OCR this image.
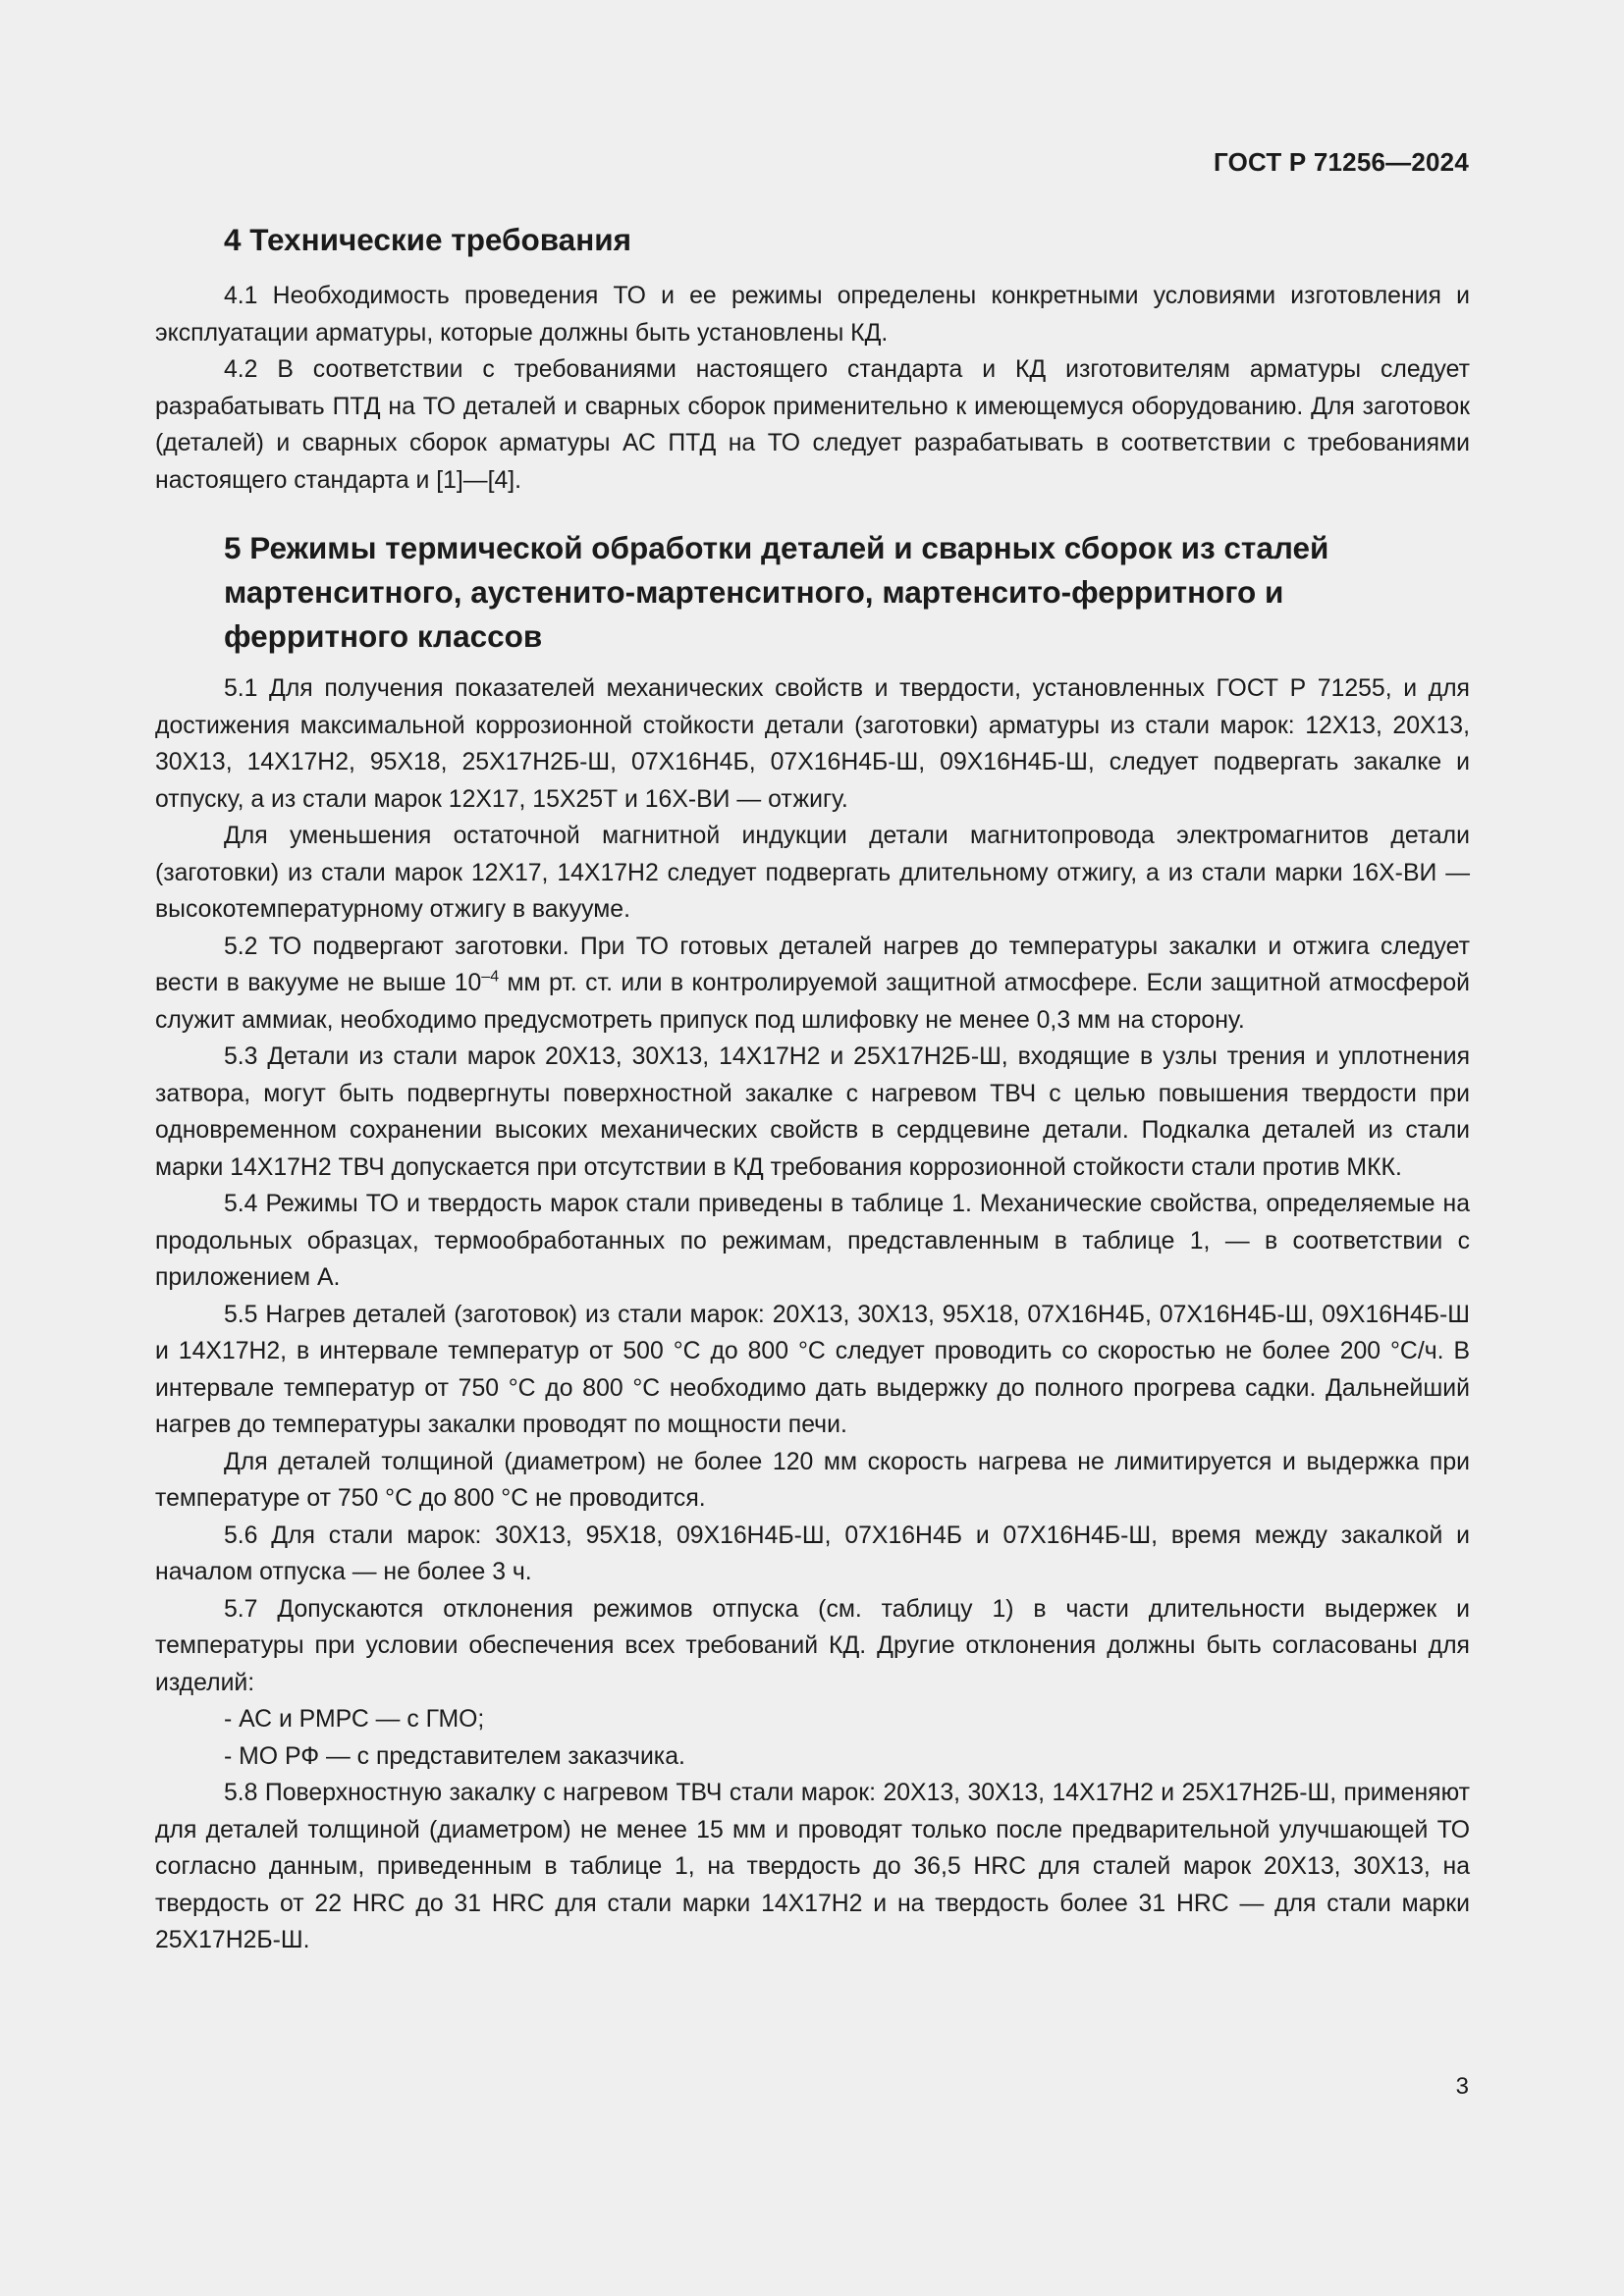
ГОСТ Р 71256—2024
4 Технические требования

4.1 Необходимость проведения ТО и ее режимы определены конкретными условиями изготовления и эксплуатации арматуры, которые должны быть установлены КД.

4.2 В соответствии с требованиями настоящего стандарта и КД изготовителям арматуры следует разрабатывать ПТД на ТО деталей и сварных сборок применительно к имеющемуся оборудованию. Для заготовок (деталей) и сварных сборок арматуры АС ПТД на ТО следует разрабатывать в соответствии с требованиями настоящего стандарта и [1]—[4].

5 Режимы термической обработки деталей и сварных сборок из сталей мартенситного, аустенито-мартенситного, мартенсито-ферритного и ферритного классов

5.1 Для получения показателей механических свойств и твердости, установленных ГОСТ Р 71255, и для достижения максимальной коррозионной стойкости детали (заготовки) арматуры из стали марок: 12Х13, 20Х13, 30Х13, 14Х17Н2, 95Х18, 25Х17Н2Б-Ш, 07Х16Н4Б, 07Х16Н4Б-Ш, 09Х16Н4Б-Ш, следует подвергать закалке и отпуску, а из стали марок 12Х17, 15Х25Т и 16Х-ВИ — отжигу.

Для уменьшения остаточной магнитной индукции детали магнитопровода электромагнитов детали (заготовки) из стали марок 12Х17, 14Х17Н2 следует подвергать длительному отжигу, а из стали марки 16Х-ВИ — высокотемпературному отжигу в вакууме.

5.2 ТО подвергают заготовки. При ТО готовых деталей нагрев до температуры закалки и отжига следует вести в вакууме не выше $10^{-4}$ мм рт. ст. или в контролируемой защитной атмосфере. Если защитной атмосферой служит аммиак, необходимо предусмотреть припуск под шлифовку не менее 0,3 мм на сторону.

5.3 Детали из стали марок 20Х13, 30Х13, 14Х17Н2 и 25Х17Н2Б-Ш, входящие в узлы трения и уплотнения затвора, могут быть подвергнуты поверхностной закалке с нагревом ТВЧ с целью повышения твердости при одновременном сохранении высоких механических свойств в сердцевине детали. Подкалка деталей из стали марки 14Х17Н2 ТВЧ допускается при отсутствии в КД требования коррозионной стойкости стали против МКК.

5.4 Режимы ТО и твердость марок стали приведены в таблице 1. Механические свойства, определяемые на продольных образцах, термообработанных по режимам, представленным в таблице 1, — в соответствии с приложением А.

5.5 Нагрев деталей (заготовок) из стали марок: 20Х13, 30Х13, 95Х18, 07Х16Н4Б, 07Х16Н4Б-Ш, 09Х16Н4Б-Ш и 14Х17Н2, в интервале температур от 500 °С до 800 °С следует проводить со скоростью не более 200 °С/ч. В интервале температур от 750 °С до 800 °С необходимо дать выдержку до полного прогрева садки. Дальнейший нагрев до температуры закалки проводят по мощности печи.

Для деталей толщиной (диаметром) не более 120 мм скорость нагрева не лимитируется и выдержка при температуре от 750 °С до 800 °С не проводится.

5.6 Для стали марок: 30Х13, 95Х18, 09Х16Н4Б-Ш, 07Х16Н4Б и 07Х16Н4Б-Ш, время между закалкой и началом отпуска — не более 3 ч.

5.7 Допускаются отклонения режимов отпуска (см. таблицу 1) в части длительности выдержек и температуры при условии обеспечения всех требований КД. Другие отклонения должны быть согласованы для изделий:

- АС и РМРС — с ГМО;

- МО РФ — с представителем заказчика.

5.8 Поверхностную закалку с нагревом ТВЧ стали марок: 20Х13, 30Х13, 14Х17Н2 и 25Х17Н2Б-Ш, применяют для деталей толщиной (диаметром) не менее 15 мм и проводят только после предварительной улучшающей ТО согласно данным, приведенным в таблице 1, на твердость до 36,5 HRC для сталей марок 20Х13, 30Х13, на твердость от 22 HRC до 31 HRC для стали марки 14Х17Н2 и на твердость более 31 HRC — для стали марки 25Х17Н2Б-Ш.

3
